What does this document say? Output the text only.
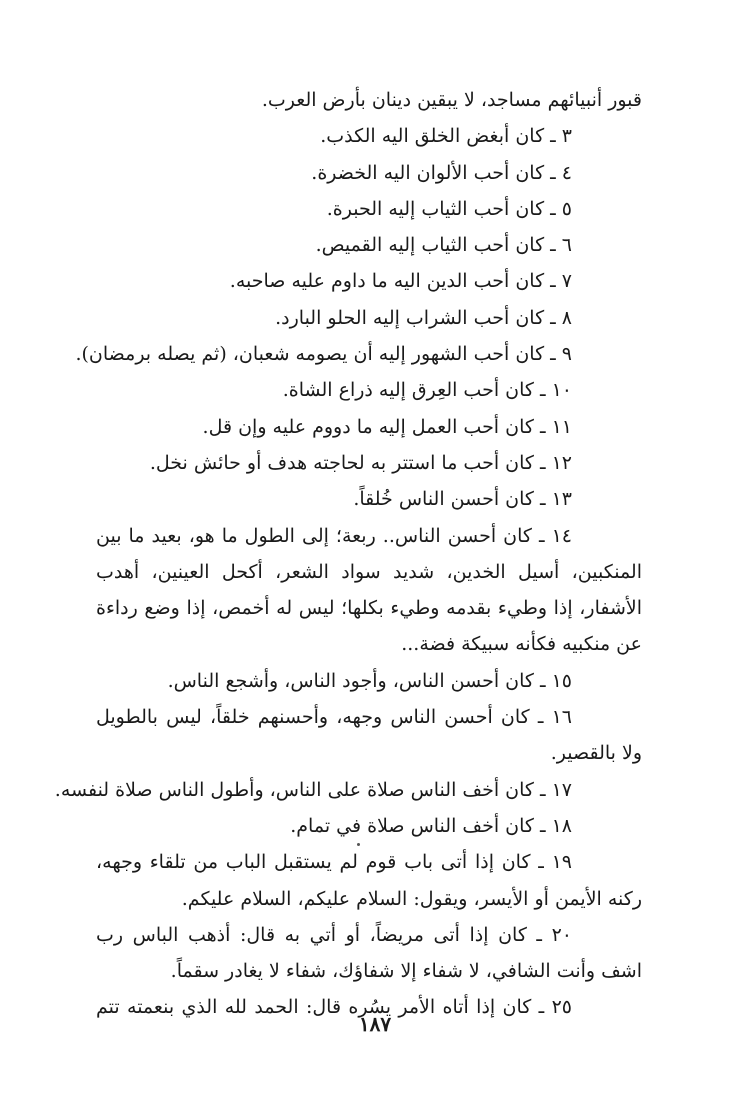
قبور أنبيائهم مساجد، لا يبقين دينان بأرض العرب.
٣ ـ كان أبغض الخلق اليه الكذب.
٤ ـ كان أحب الألوان اليه الخضرة.
٥ ـ كان أحب الثياب إليه الحبرة.
٦ ـ كان أحب الثياب إليه القميص.
٧ ـ كان أحب الدين اليه ما داوم عليه صاحبه.
٨ ـ كان أحب الشراب إليه الحلو البارد.
٩ ـ كان أحب الشهور إليه أن يصومه شعبان، (ثم يصله برمضان).
١٠ ـ كان أحب العِرق إليه ذراع الشاة.
١١ ـ كان أحب العمل إليه ما دووم عليه وإن قل.
١٢ ـ كان أحب ما استتر به لحاجته هدف أو حائش نخل.
١٣ ـ كان أحسن الناس خُلقاً.
١٤ ـ كان أحسن الناس.. ربعة؛ إلى الطول ما هو، بعيد ما بين
المنكبين، أسيل الخدين، شديد سواد الشعر، أكحل العينين، أهدب
الأشفار، إذا وطيء بقدمه وطيء بكلها؛ ليس له أخمص، إذا وضع رداءة
عن منكبيه فكأنه سبيكة فضة...
١٥ ـ كان أحسن الناس، وأجود الناس، وأشجع الناس.
١٦ ـ كان أحسن الناس وجهه، وأحسنهم خلقاً، ليس بالطويل
ولا بالقصير.
١٧ ـ كان أخف الناس صلاة على الناس، وأطول الناس صلاة لنفسه.
١٨ ـ كان أخف الناس صلاة في تمام.
١٩ ـ كان إذا أتى باب قوم لم يستقبل الباب من تلقاء وجهه،
ركنه الأيمن أو الأيسر، ويقول: السلام عليكم، السلام عليكم.
٢٠ ـ كان إذا أتى مريضاً، أو أتي به قال: أذهب الباس رب
اشف وأنت الشافي، لا شفاء إلا شفاؤك، شفاء لا يغادر سقماً.
٢٥ ـ كان إذا أتاه الأمر يسُره قال: الحمد لله الذي بنعمته تتم
١٨٧
